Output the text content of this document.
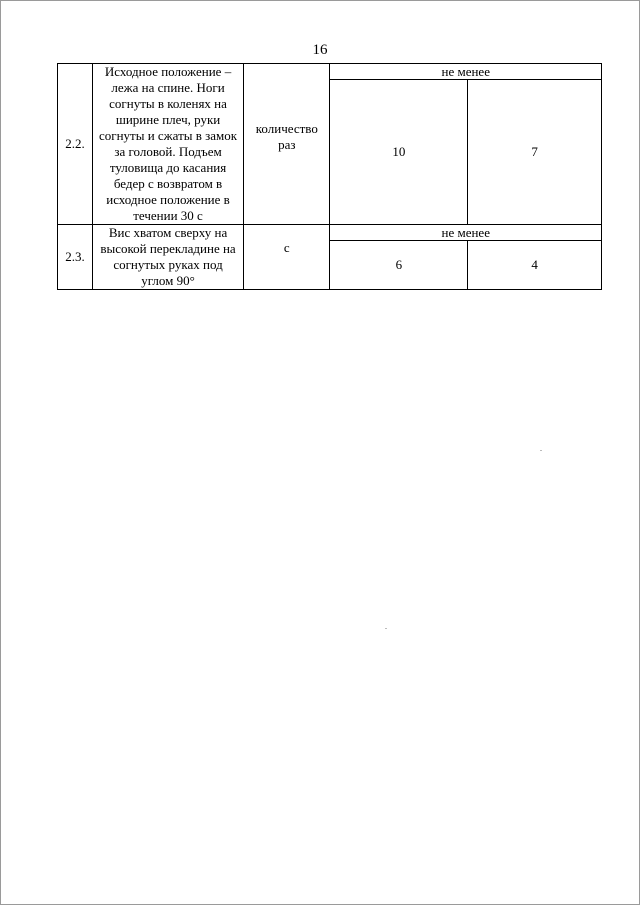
16
2.2.	Исходное положение – лежа на спине. Ноги согнуты в коленях на ширине плеч, руки согнуты и сжаты в замок за головой. Подъем туловища до касания бедер с возвратом в исходное положение в течении 30 с	количество раз	не менее	
			10	7
2.3.	Вис хватом сверху на высокой перекладине на согнутых руках под углом 90°	с	не менее	
			6	4
